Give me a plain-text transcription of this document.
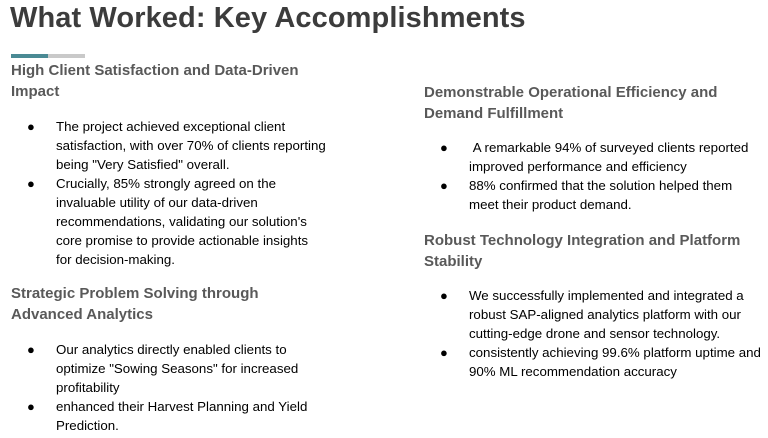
What Worked: Key Accomplishments
High Client Satisfaction and Data-Driven Impact
● The project achieved exceptional client satisfaction, with over 70% of clients reporting being "Very Satisfied" overall.
● Crucially, 85% strongly agreed on the invaluable utility of our data-driven recommendations, validating our solution's core promise to provide actionable insights for decision-making.
Strategic Problem Solving through Advanced Analytics
● Our analytics directly enabled clients to optimize "Sowing Seasons" for increased profitability
● enhanced their Harvest Planning and Yield Prediction.
Demonstrable Operational Efficiency and Demand Fulfillment
● A remarkable 94% of surveyed clients reported improved performance and efficiency
● 88% confirmed that the solution helped them meet their product demand.
Robust Technology Integration and Platform Stability
● We successfully implemented and integrated a robust SAP-aligned analytics platform with our cutting-edge drone and sensor technology.
● consistently achieving 99.6% platform uptime and 90% ML recommendation accuracy
